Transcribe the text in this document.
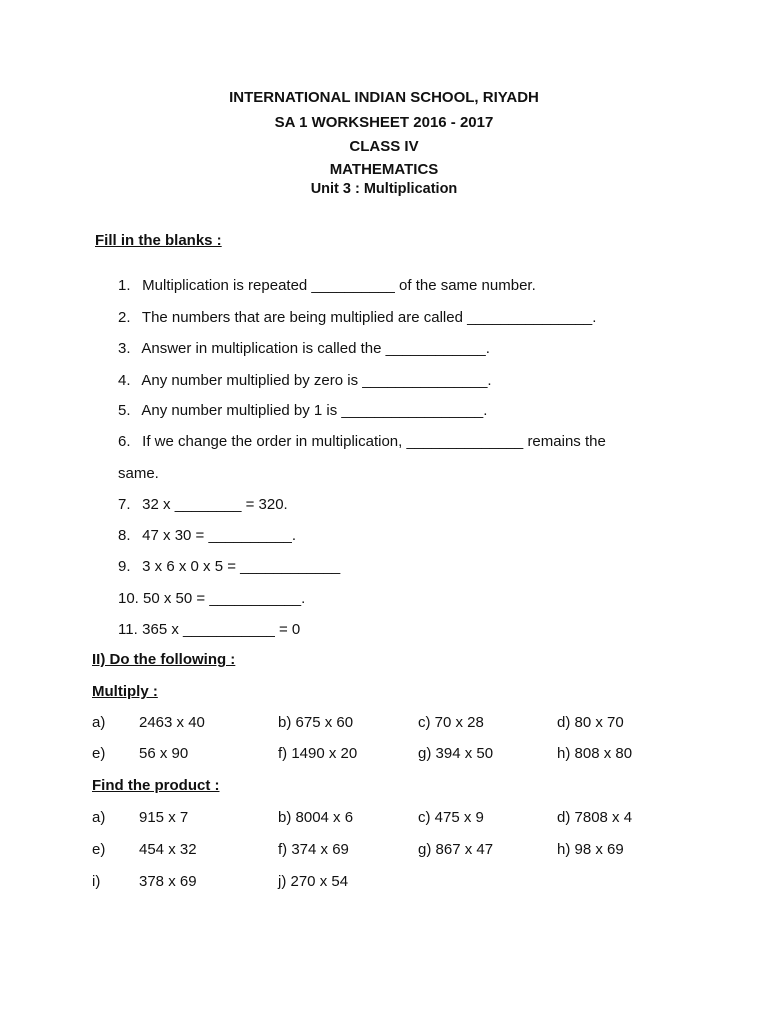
INTERNATIONAL INDIAN SCHOOL, RIYADH
SA 1 WORKSHEET 2016 - 2017
CLASS IV
MATHEMATICS
Unit 3 : Multiplication
Fill in the blanks :
1. Multiplication is repeated __________ of the same number.
2. The numbers that are being multiplied are called _______________.
3. Answer in multiplication is called the ____________.
4. Any number multiplied by zero is _______________.
5. Any number multiplied by 1 is _________________.
6. If we change the order in multiplication, ______________ remains the
same.
7. 32 x ________ = 320.
8. 47 x 30 = __________.
9. 3 x 6 x 0 x 5 = ____________
10. 50 x 50 = ___________.
11. 365 x ___________ = 0
II) Do the following :
Multiply :
a) 2463 x 40	b) 675 x 60	c) 70 x 28	d) 80 x 70
e) 56 x 90	f) 1490 x 20	g) 394 x 50	h) 808 x 80
Find the product :
a) 915 x 7	b) 8004 x 6	c) 475 x 9	d) 7808 x 4
e) 454 x 32	f) 374 x 69	g) 867 x 47	h) 98 x 69
i)	378 x 69	j) 270 x 54
